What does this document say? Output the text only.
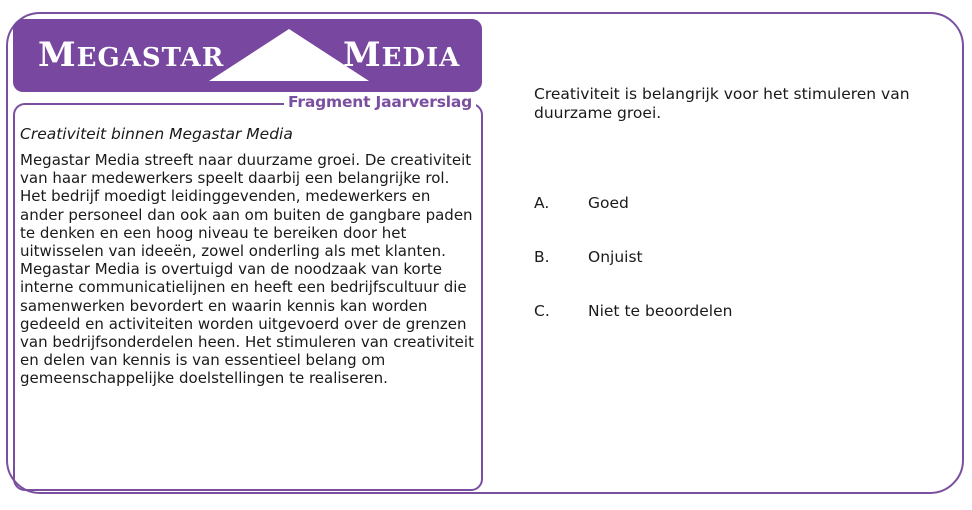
MEGASTAR	MEDIA
Fragment Jaarverslag
Creativiteit binnen Megastar Media
Megastar Media streeft naar duurzame groei. De creativiteit van haar medewerkers speelt daarbij een belangrijke rol. Het bedrijf moedigt leidinggevenden, medewerkers en ander personeel dan ook aan om buiten de gangbare paden te denken en een hoog niveau te bereiken door het uitwisselen van ideeën, zowel onderling als met klanten. Megastar Media is overtuigd van de noodzaak van korte interne communicatielijnen en heeft een bedrijfscultuur die samenwerken bevordert en waarin kennis kan worden gedeeld en activiteiten worden uitgevoerd over de grenzen van bedrijfsonderdelen heen. Het stimuleren van creativiteit en delen van kennis is van essentieel belang om gemeenschappelijke doelstellingen te realiseren.
Creativiteit is belangrijk voor het stimuleren van duurzame groei.
A. Goed
B. Onjuist
C. Niet te beoordelen
